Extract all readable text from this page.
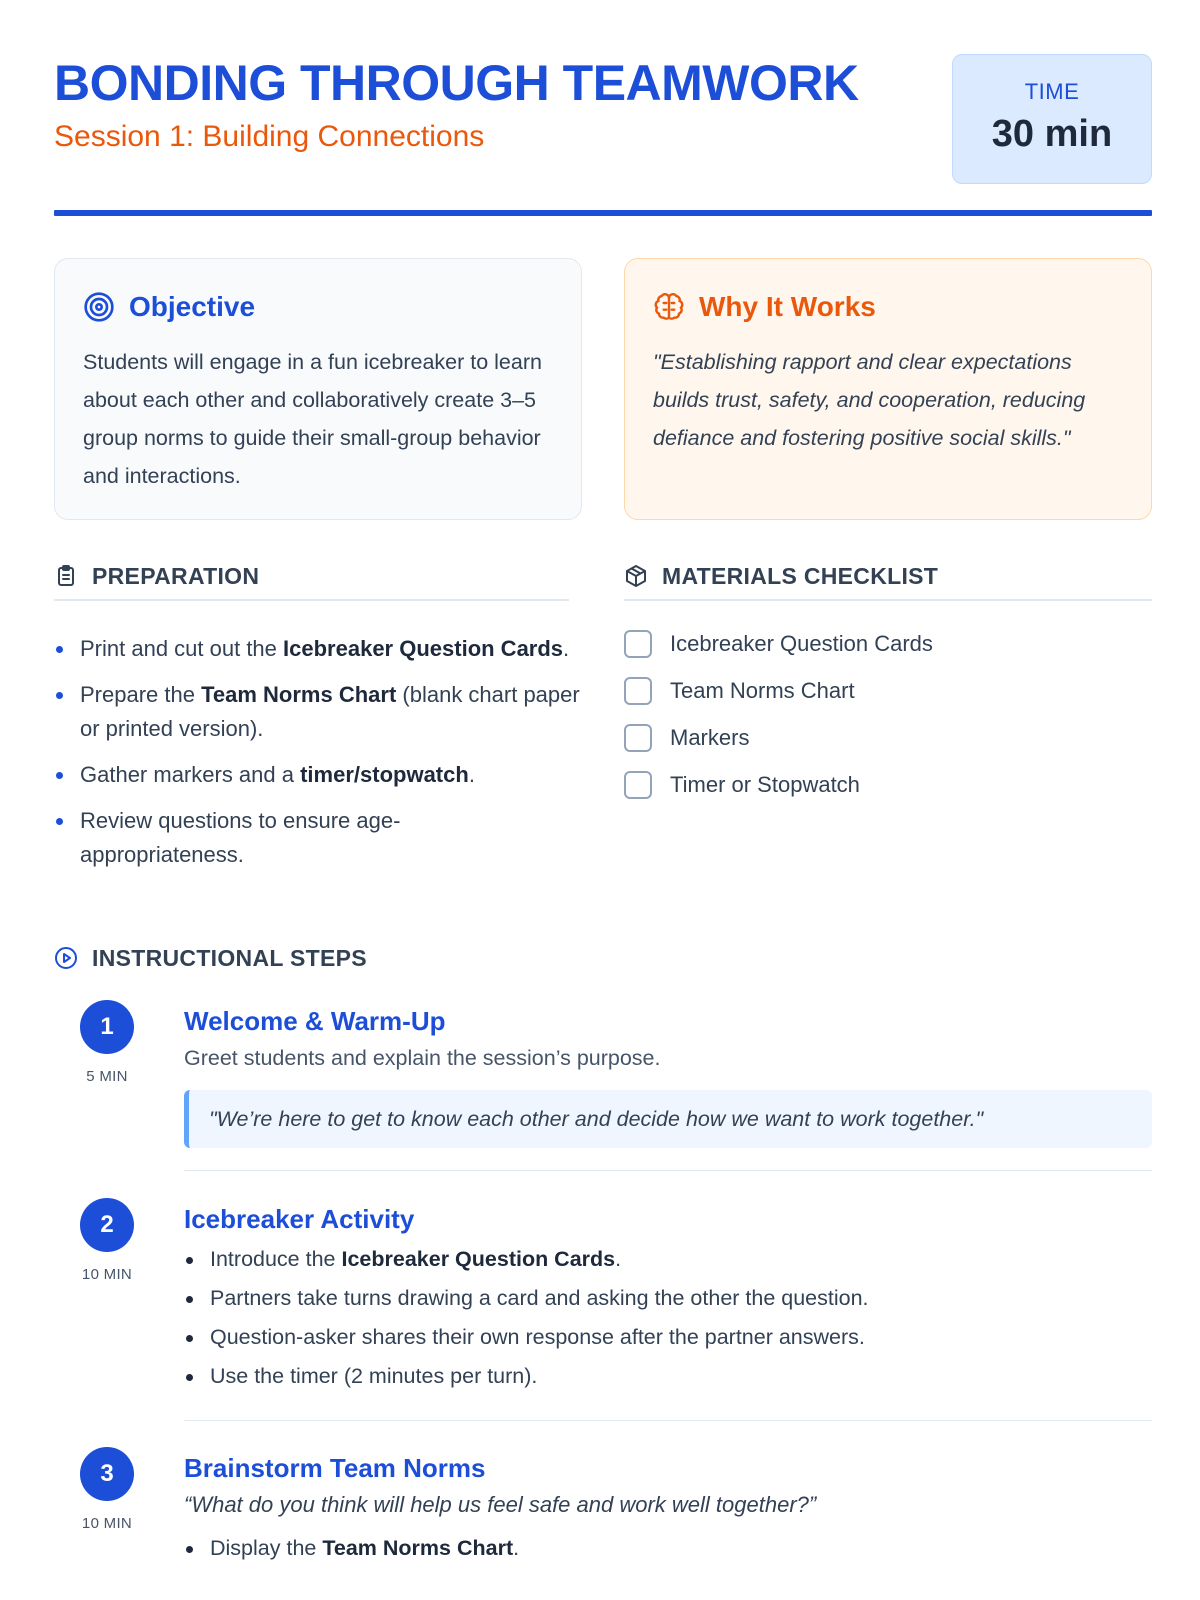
BONDING THROUGH TEAMWORK
Session 1: Building Connections
TIME
30 min
Objective

Students will engage in a fun icebreaker to learn about each other and collaboratively create 3–5 group norms to guide their small-group behavior and interactions.

Why It Works

"Establishing rapport and clear expectations builds trust, safety, and cooperation, reducing defiance and fostering positive social skills."

PREPARATION
Print and cut out the Icebreaker Question Cards.
Prepare the Team Norms Chart (blank chart paper or printed version).
Gather markers and a timer/stopwatch.
Review questions to ensure age-appropriateness.
MATERIALS CHECKLIST
Icebreaker Question Cards
Team Norms Chart
Markers
Timer or Stopwatch
INSTRUCTIONAL STEPS
1
5 MIN
Welcome & Warm-Up
Greet students and explain the session’s purpose.
"We’re here to get to know each other and decide how we want to work together."
2
10 MIN
Icebreaker Activity
Introduce the Icebreaker Question Cards.
Partners take turns drawing a card and asking the other the question.
Question-asker shares their own response after the partner answers.
Use the timer (2 minutes per turn).
3
10 MIN
Brainstorm Team Norms
“What do you think will help us feel safe and work well together?”
Display the Team Norms Chart.
